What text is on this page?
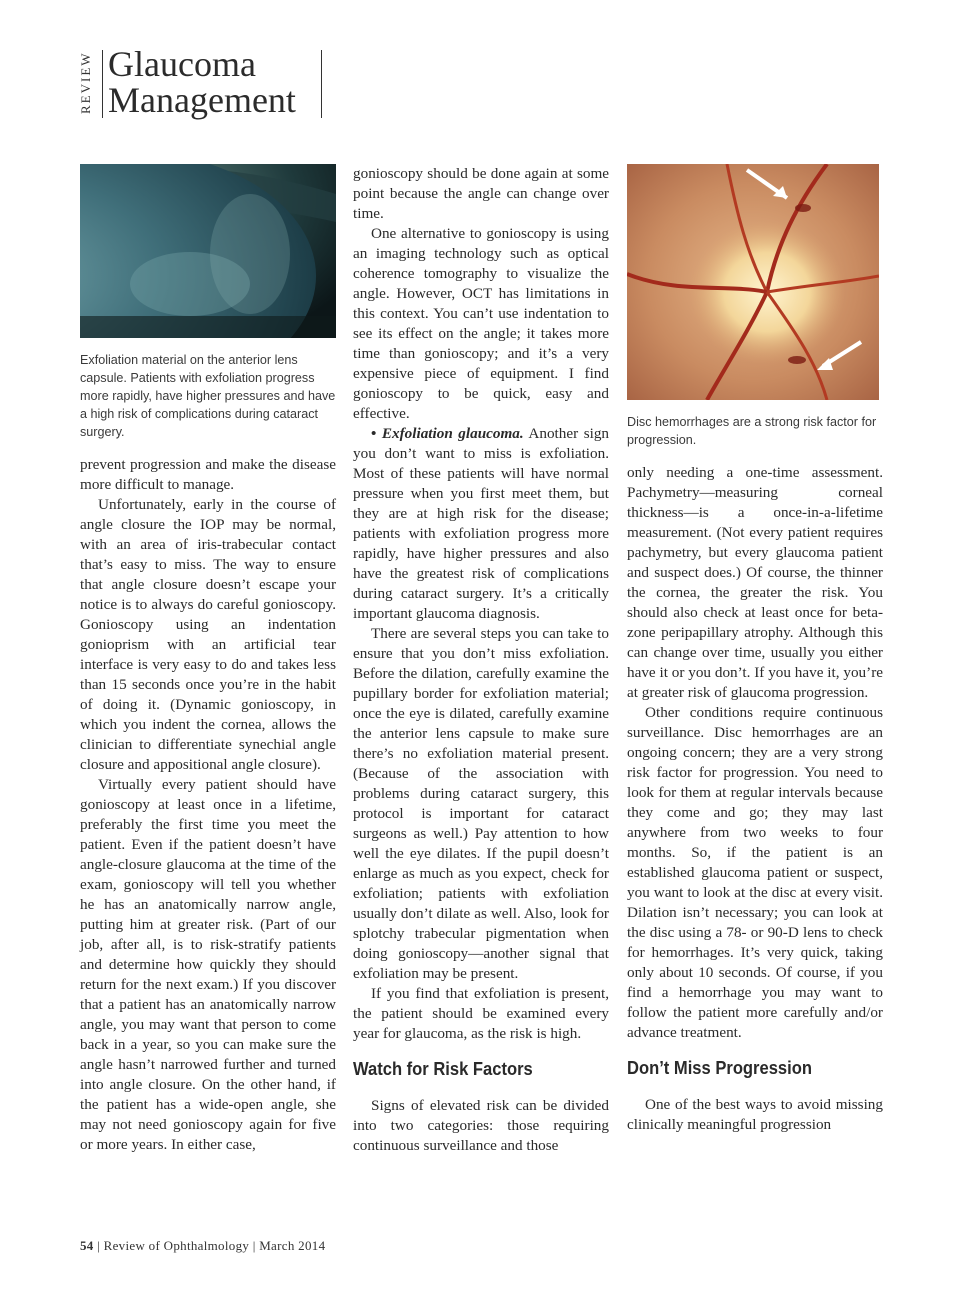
REVIEW Glaucoma
Management
Exfoliation material on the anterior lens capsule. Patients with exfoliation progress more rapidly, have higher pressures and have a high risk of complications during cataract surgery.

prevent progression and make the disease more difficult to manage.

Unfortunately, early in the course of angle closure the IOP may be normal, with an area of iris-trabecular contact that’s easy to miss. The way to ensure that angle closure doesn’t escape your notice is to always do careful gonioscopy. Gonioscopy using an indentation gonioprism with an artificial tear interface is very easy to do and takes less than 15 seconds once you’re in the habit of doing it. (Dynamic gonioscopy, in which you indent the cornea, allows the clinician to differentiate synechial angle closure and appositional angle closure).

Virtually every patient should have gonioscopy at least once in a lifetime, preferably the first time you meet the patient. Even if the patient doesn’t have angle-closure glaucoma at the time of the exam, gonioscopy will tell you whether he has an anatomically narrow angle, putting him at greater risk. (Part of our job, after all, is to risk-stratify patients and determine how quickly they should return for the next exam.) If you discover that a patient has an anatomically narrow angle, you may want that person to come back in a year, so you can make sure the angle hasn’t narrowed further and turned into angle closure. On the other hand, if the patient has a wide-open angle, she may not need gonioscopy again for five or more years. In either case,

gonioscopy should be done again at some point because the angle can change over time.

One alternative to gonioscopy is using an imaging technology such as optical coherence tomography to visualize the angle. However, OCT has limitations in this context. You can’t use indentation to see its effect on the angle; it takes more time than gonioscopy; and it’s a very expensive piece of equipment. I find gonioscopy to be quick, easy and effective.

• Exfoliation glaucoma. Another sign you don’t want to miss is exfoliation. Most of these patients will have normal pressure when you first meet them, but they are at high risk for the disease; patients with exfoliation progress more rapidly, have higher pressures and also have the greatest risk of complications during cataract surgery. It’s a critically important glaucoma diagnosis.

There are several steps you can take to ensure that you don’t miss exfoliation. Before the dilation, carefully examine the pupillary border for exfoliation material; once the eye is dilated, carefully examine the anterior lens capsule to make sure there’s no exfoliation material present. (Because of the association with problems during cataract surgery, this protocol is important for cataract surgeons as well.) Pay attention to how well the eye dilates. If the pupil doesn’t enlarge as much as you expect, check for exfoliation; patients with exfoliation usually don’t dilate as well. Also, look for splotchy trabecular pigmentation when doing gonioscopy—another signal that exfoliation may be present.

If you find that exfoliation is present, the patient should be examined every year for glaucoma, as the risk is high.

Watch for Risk Factors

Signs of elevated risk can be divided into two categories: those requiring continuous surveillance and those

Disc hemorrhages are a strong risk factor for progression.

only needing a one-time assessment. Pachymetry—measuring corneal thickness—is a once-in-a-lifetime measurement. (Not every patient requires pachymetry, but every glaucoma patient and suspect does.) Of course, the thinner the cornea, the greater the risk. You should also check at least once for beta-zone peripapillary atrophy. Although this can change over time, usually you either have it or you don’t. If you have it, you’re at greater risk of glaucoma progression.

Other conditions require continuous surveillance. Disc hemorrhages are an ongoing concern; they are a very strong risk factor for progression. You need to look for them at regular intervals because they come and go; they may last anywhere from two weeks to four months. So, if the patient is an established glaucoma patient or suspect, you want to look at the disc at every visit. Dilation isn’t necessary; you can look at the disc using a 78- or 90-D lens to check for hemorrhages. It’s very quick, taking only about 10 seconds. Of course, if you find a hemorrhage you may want to follow the patient more carefully and/or advance treatment.

Don’t Miss Progression

One of the best ways to avoid missing clinically meaningful progression

54 | Review of Ophthalmology | March 2014
